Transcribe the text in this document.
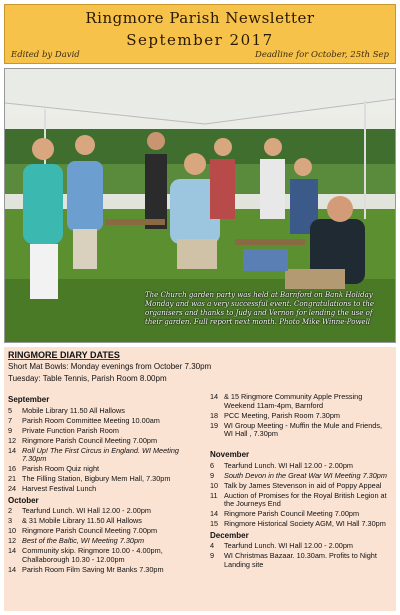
Ringmore Parish Newsletter
September 2017
Edited by David	Deadline for October, 25th Sep
The Church garden party was held at Barnford on Bank Holiday Monday and was a very successful event. Congratulations to the organisers and thanks to Judy and Vernon for lending the use of their garden. Full report next month. Photo Mike Winne-Powell
RINGMORE DIARY DATES
Short Mat Bowls: Monday evenings from October 7.30pm
Tuesday: Table Tennis, Parish Room 8.00pm
September
5	Mobile Library 11.50 All Hallows
7	Parish Room Committee Meeting 10.00am
9	Private Function Parish Room
12 Ringmore Parish Council Meeting 7.00pm
14 Roll Up! The First Circus in England. WI Meeting 7.30pm
16 Parish Room Quiz night
21 The Filling Station, Bigbury Mem Hall, 7.30pm
24 Harvest Festival Lunch
October
2	Tearfund Lunch. WI Hall 12.00 - 2.00pm
3	& 31 Mobile Library 11.50 All Hallows
10 Ringmore Parish Council Meeting 7.00pm
12 Best of the Baltic, WI Meeting 7.30pm
14 Community skip. Ringmore 10.00 - 4.00pm, Challaborough 10.30 - 12.00pm
14 Parish Room Film Saving Mr Banks 7.30pm
14 & 15 Ringmore Community Apple Pressing Weekend 11am-4pm, Barnford
18 PCC Meeting, Parish Room 7.30pm
19 WI Group Meeting - Muffin the Mule and Friends, WI Hall , 7.30pm
November
6	Tearfund Lunch. WI Hall 12.00 - 2.00pm
9	South Devon in the Great War WI Meeting 7.30pm
10 Talk by James Stevenson in aid of Poppy Appeal
11 Auction of Promises for the Royal British Legion at the Journeys End
14 Ringmore Parish Council Meeting 7.00pm
15 Ringmore Historical Society AGM, WI Hall 7.30pm
December
4	Tearfund Lunch. WI Hall 12.00 - 2.00pm
9	WI Christmas Bazaar. 10.30am. Profits to Night Landing site
